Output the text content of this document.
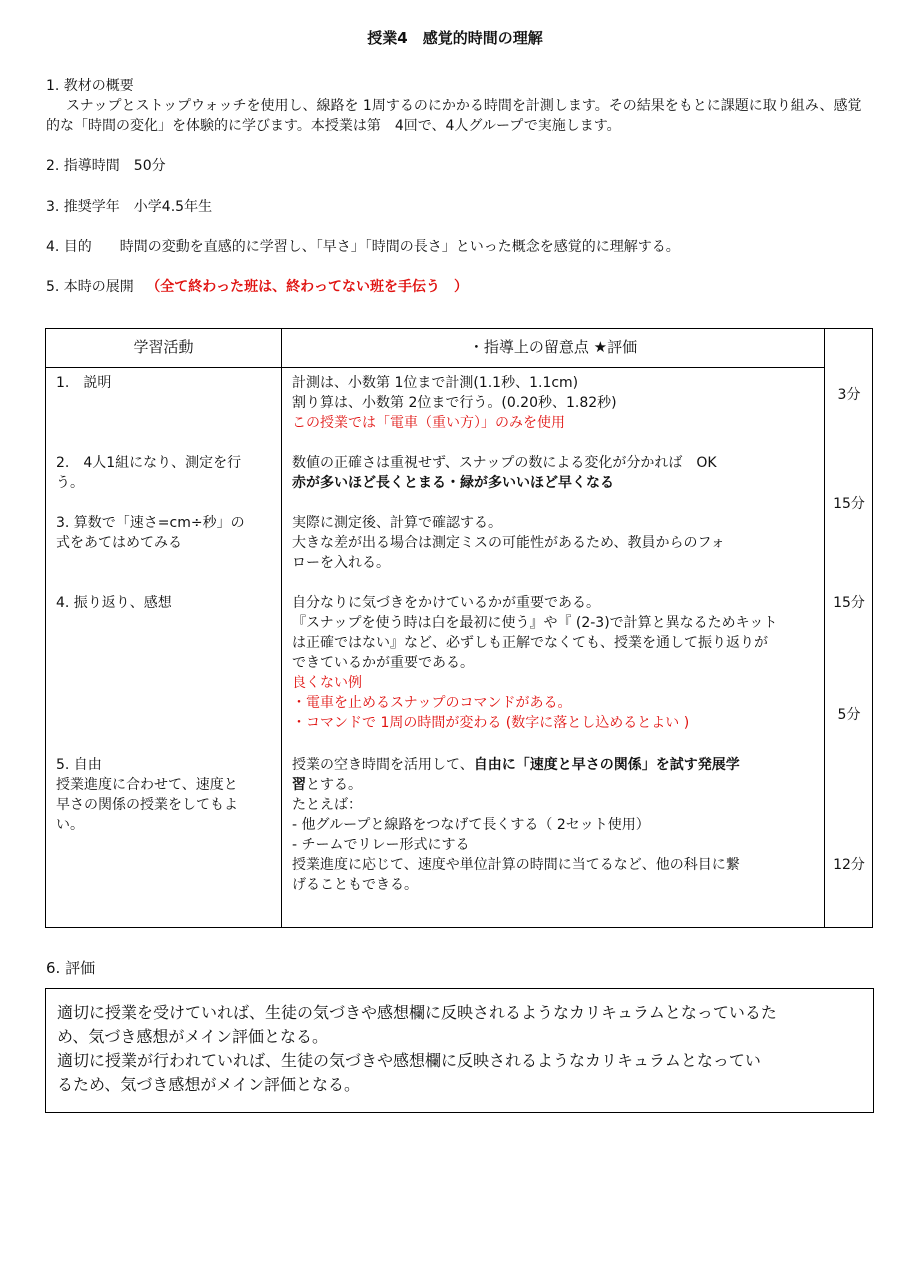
授業4　感覚的時間の理解
1. 教材の概要
スナップとストップウォッチを使用し、線路を 1周するのにかかる時間を計測します。その結果をもとに課題に取り組み、感覚的な「時間の変化」を体験的に学びます。本授業は第　4回で、4人グループで実施します。
2. 指導時間　50分
3. 推奨学年　小学4.5年生
4. 目的　　時間の変動を直感的に学習し、「早さ」「時間の長さ」といった概念を感覚的に理解する。
5. 本時の展開 （全て終わった班は、終わってない班を手伝う　）
学習活動	・指導上の留意点 ★評価
1.　説明
2.　4人1組になり、測定を行
う。
3. 算数で「速さ=cm÷秒」の
式をあてはめてみる
4. 振り返り、感想
5. 自由
授業進度に合わせて、速度と
早さの関係の授業をしてもよ
い。
計測は、小数第 1位まで計測(1.1秒、1.1cm)
割り算は、小数第 2位まで行う。(0.20秒、1.82秒)
この授業では「電車（重い方）」のみを使用
数値の正確さは重視せず、スナップの数による変化が分かれば　OK
赤が多いほど長くとまる・緑が多いいほど早くなる
実際に測定後、計算で確認する。
大きな差が出る場合は測定ミスの可能性があるため、教員からのフォ
ローを入れる。
自分なりに気づきをかけているかが重要である。
『スナップを使う時は白を最初に使う』や『 (2-3)で計算と異なるためキット
は正確ではない』など、必ずしも正解でなくても、授業を通して振り返りが
できているかが重要である。
良くない例
・電車を止めるスナップのコマンドがある。
・コマンドで 1周の時間が変わる (数字に落とし込めるとよい )
授業の空き時間を活用して、自由に「速度と早さの関係」を試す発展学
習とする。
たとえば：
- 他グループと線路をつなげて長くする（ 2セット使用）
- チームでリレー形式にする
授業進度に応じて、速度や単位計算の時間に当てるなど、他の科目に繋
げることもできる。
3分
15分
15分
5分
12分
6. 評価
適切に授業を受けていれば、生徒の気づきや感想欄に反映されるようなカリキュラムとなっているた
め、気づき感想がメイン評価となる。
適切に授業が行われていれば、生徒の気づきや感想欄に反映されるようなカリキュラムとなってい
るため、気づき感想がメイン評価となる。
